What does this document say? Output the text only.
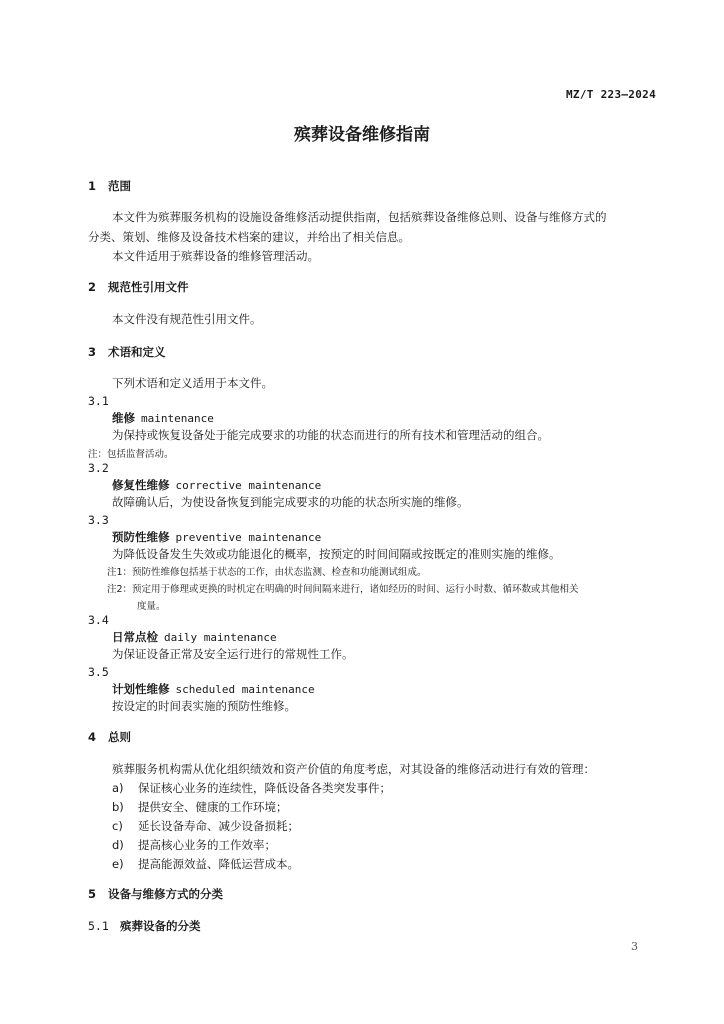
MZ/T 223—2024
殡葬设备维修指南
1 范围
本文件为殡葬服务机构的设施设备维修活动提供指南，包括殡葬设备维修总则、设备与维修方式的
分类、策划、维修及设备技术档案的建议，并给出了相关信息。
本文件适用于殡葬设备的维修管理活动。
2 规范性引用文件
本文件没有规范性引用文件。
3 术语和定义
下列术语和定义适用于本文件。
3.1
维修 maintenance
为保持或恢复设备处于能完成要求的功能的状态而进行的所有技术和管理活动的组合。
注：包括监督活动。
3.2
修复性维修 corrective maintenance
故障确认后，为使设备恢复到能完成要求的功能的状态所实施的维修。
3.3
预防性维修 preventive maintenance
为降低设备发生失效或功能退化的概率，按预定的时间间隔或按既定的准则实施的维修。
注1：预防性维修包括基于状态的工作，由状态监测、检查和功能测试组成。
注2：预定用于修理或更换的时机定在明确的时间间隔来进行，诸如经历的时间、运行小时数、循环数或其他相关
度量。
3.4
日常点检 daily maintenance
为保证设备正常及安全运行进行的常规性工作。
3.5
计划性维修 scheduled maintenance
按设定的时间表实施的预防性维修。
4 总则
殡葬服务机构需从优化组织绩效和资产价值的角度考虑，对其设备的维修活动进行有效的管理：
a) 保证核心业务的连续性，降低设备各类突发事件；
b) 提供安全、健康的工作环境；
c) 延长设备寿命、减少设备损耗；
d) 提高核心业务的工作效率；
e) 提高能源效益、降低运营成本。
5 设备与维修方式的分类
5.1 殡葬设备的分类
3
